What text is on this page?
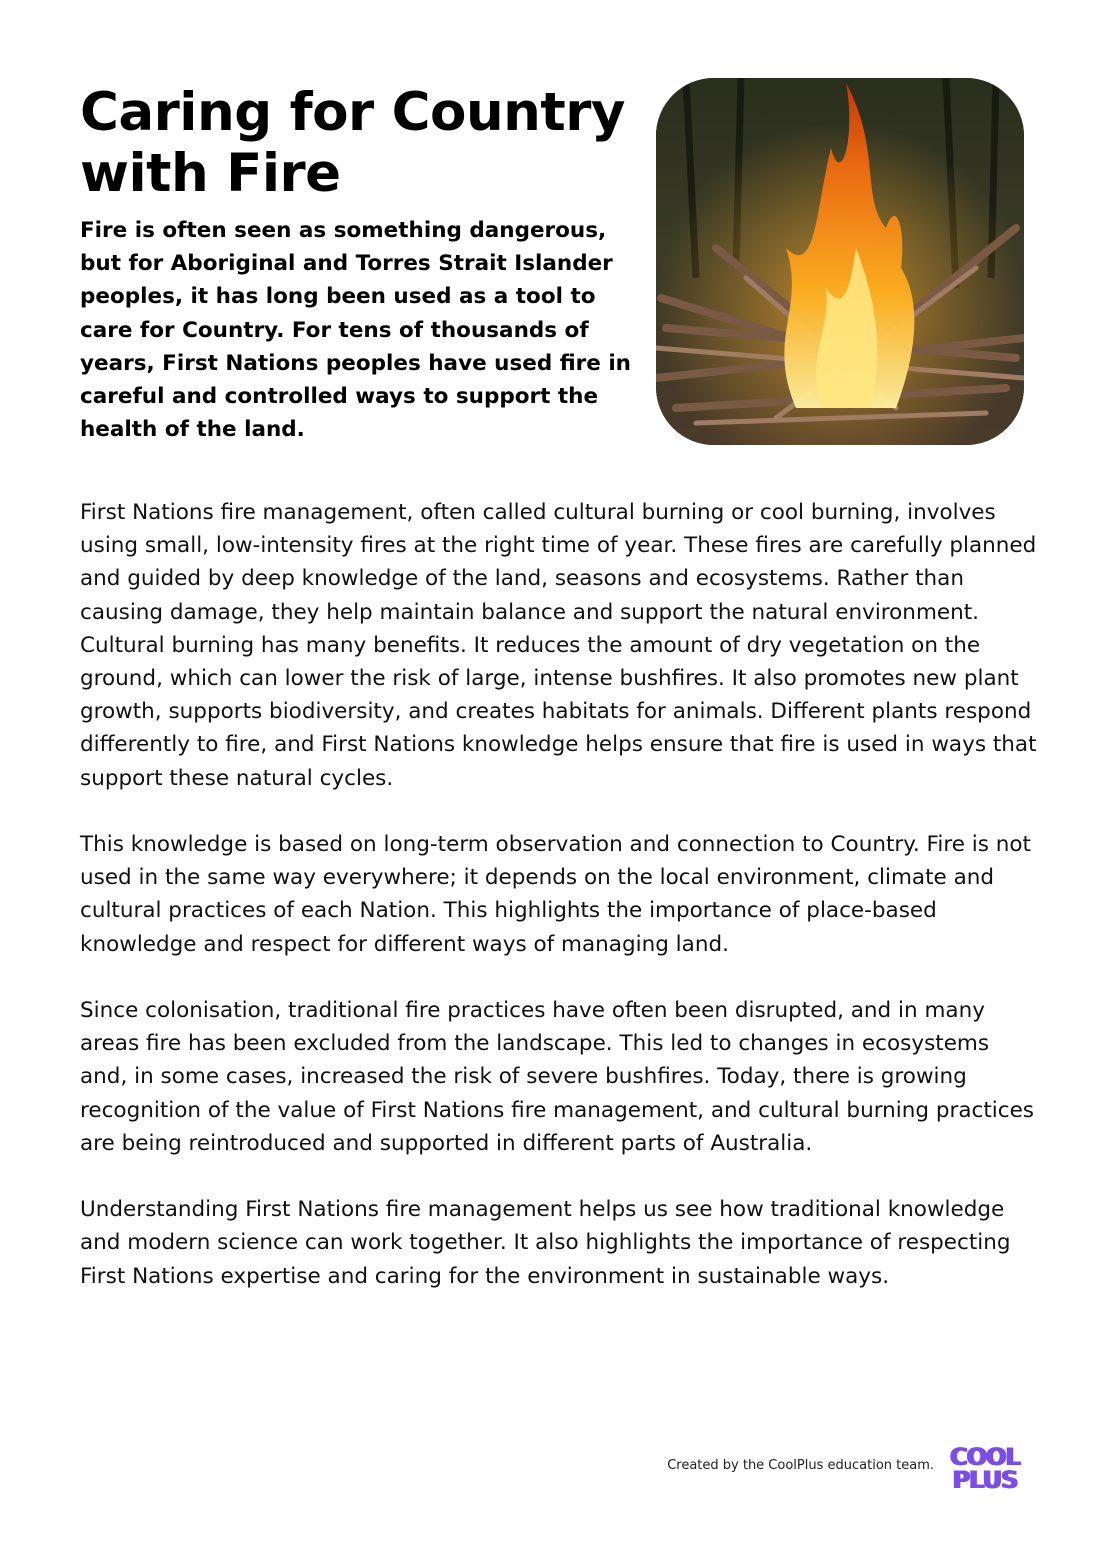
Caring for Country with Fire
Fire is often seen as something dangerous, but for Aboriginal and Torres Strait Islander peoples, it has long been used as a tool to care for Country. For tens of thousands of years, First Nations peoples have used fire in careful and controlled ways to support the health of the land.

First Nations fire management, often called cultural burning or cool burning, involves using small, low-intensity fires at the right time of year. These fires are carefully planned and guided by deep knowledge of the land, seasons and ecosystems. Rather than causing damage, they help maintain balance and support the natural environment.

Cultural burning has many benefits. It reduces the amount of dry vegetation on the ground, which can lower the risk of large, intense bushfires. It also promotes new plant growth, supports biodiversity, and creates habitats for animals. Different plants respond differently to fire, and First Nations knowledge helps ensure that fire is used in ways that support these natural cycles.

This knowledge is based on long-term observation and connection to Country. Fire is not used in the same way everywhere; it depends on the local environment, climate and cultural practices of each Nation. This highlights the importance of place-based knowledge and respect for different ways of managing land.

Since colonisation, traditional fire practices have often been disrupted, and in many areas fire has been excluded from the landscape. This led to changes in ecosystems and, in some cases, increased the risk of severe bushfires. Today, there is growing recognition of the value of First Nations fire management, and cultural burning practices are being reintroduced and supported in different parts of Australia.

Understanding First Nations fire management helps us see how traditional knowledge and modern science can work together. It also highlights the importance of respecting First Nations expertise and caring for the environment in sustainable ways.

Created by the CoolPlus education team. COOL
PLUS
